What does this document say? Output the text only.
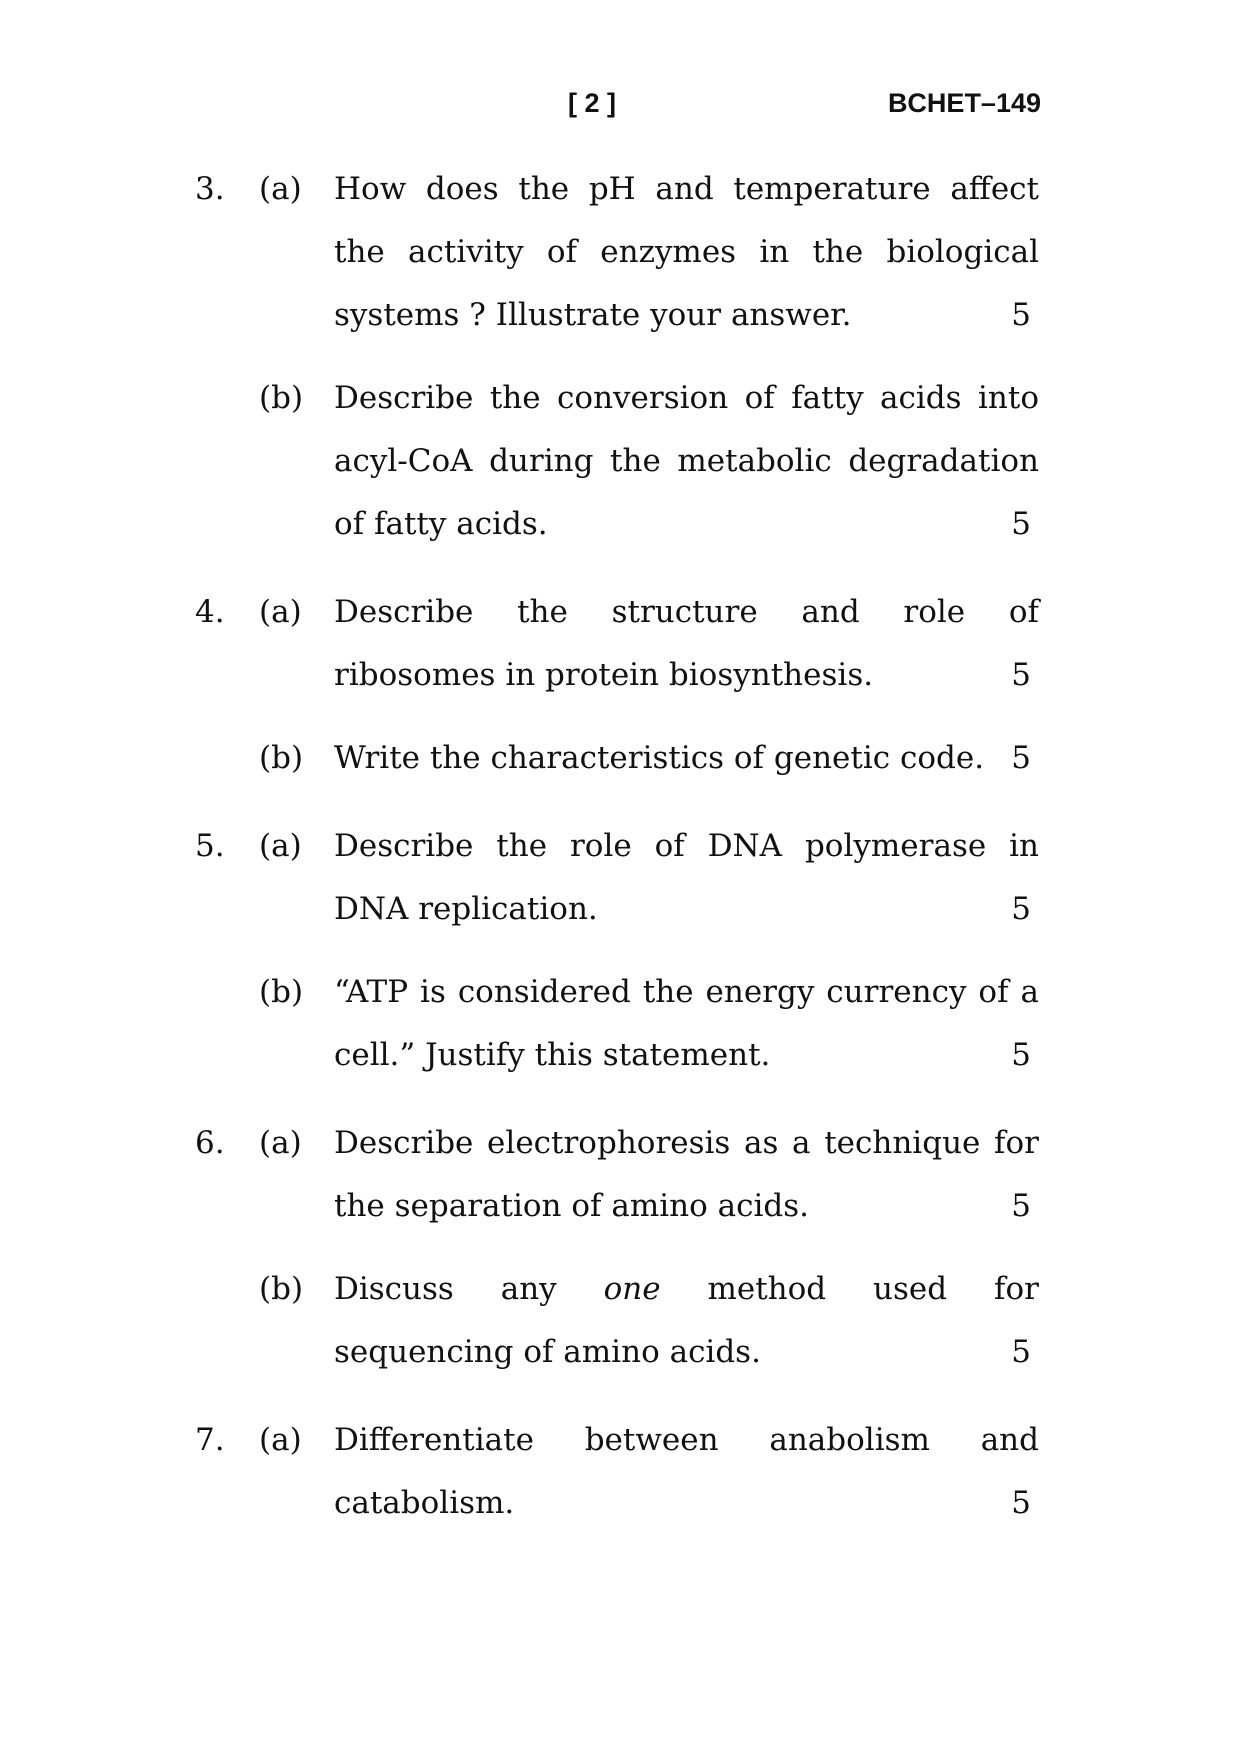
[ 2 ]	BCHET–149
3. (a) How does the pH and temperature affect the activity of enzymes in the biological systems ? Illustrate your answer.	5
(b) Describe the conversion of fatty acids into acyl-CoA during the metabolic degradation of fatty acids.	5
4. (a) Describe the structure and role of ribosomes in protein biosynthesis.	5
(b) Write the characteristics of genetic code. 5
5. (a) Describe the role of DNA polymerase in DNA replication.	5
(b) “ATP is considered the energy currency of a cell.” Justify this statement.	5
6. (a) Describe electrophoresis as a technique for the separation of amino acids.	5
(b) Discuss any one method used for sequencing of amino acids.	5
7. (a) Differentiate between anabolism and catabolism.	5
